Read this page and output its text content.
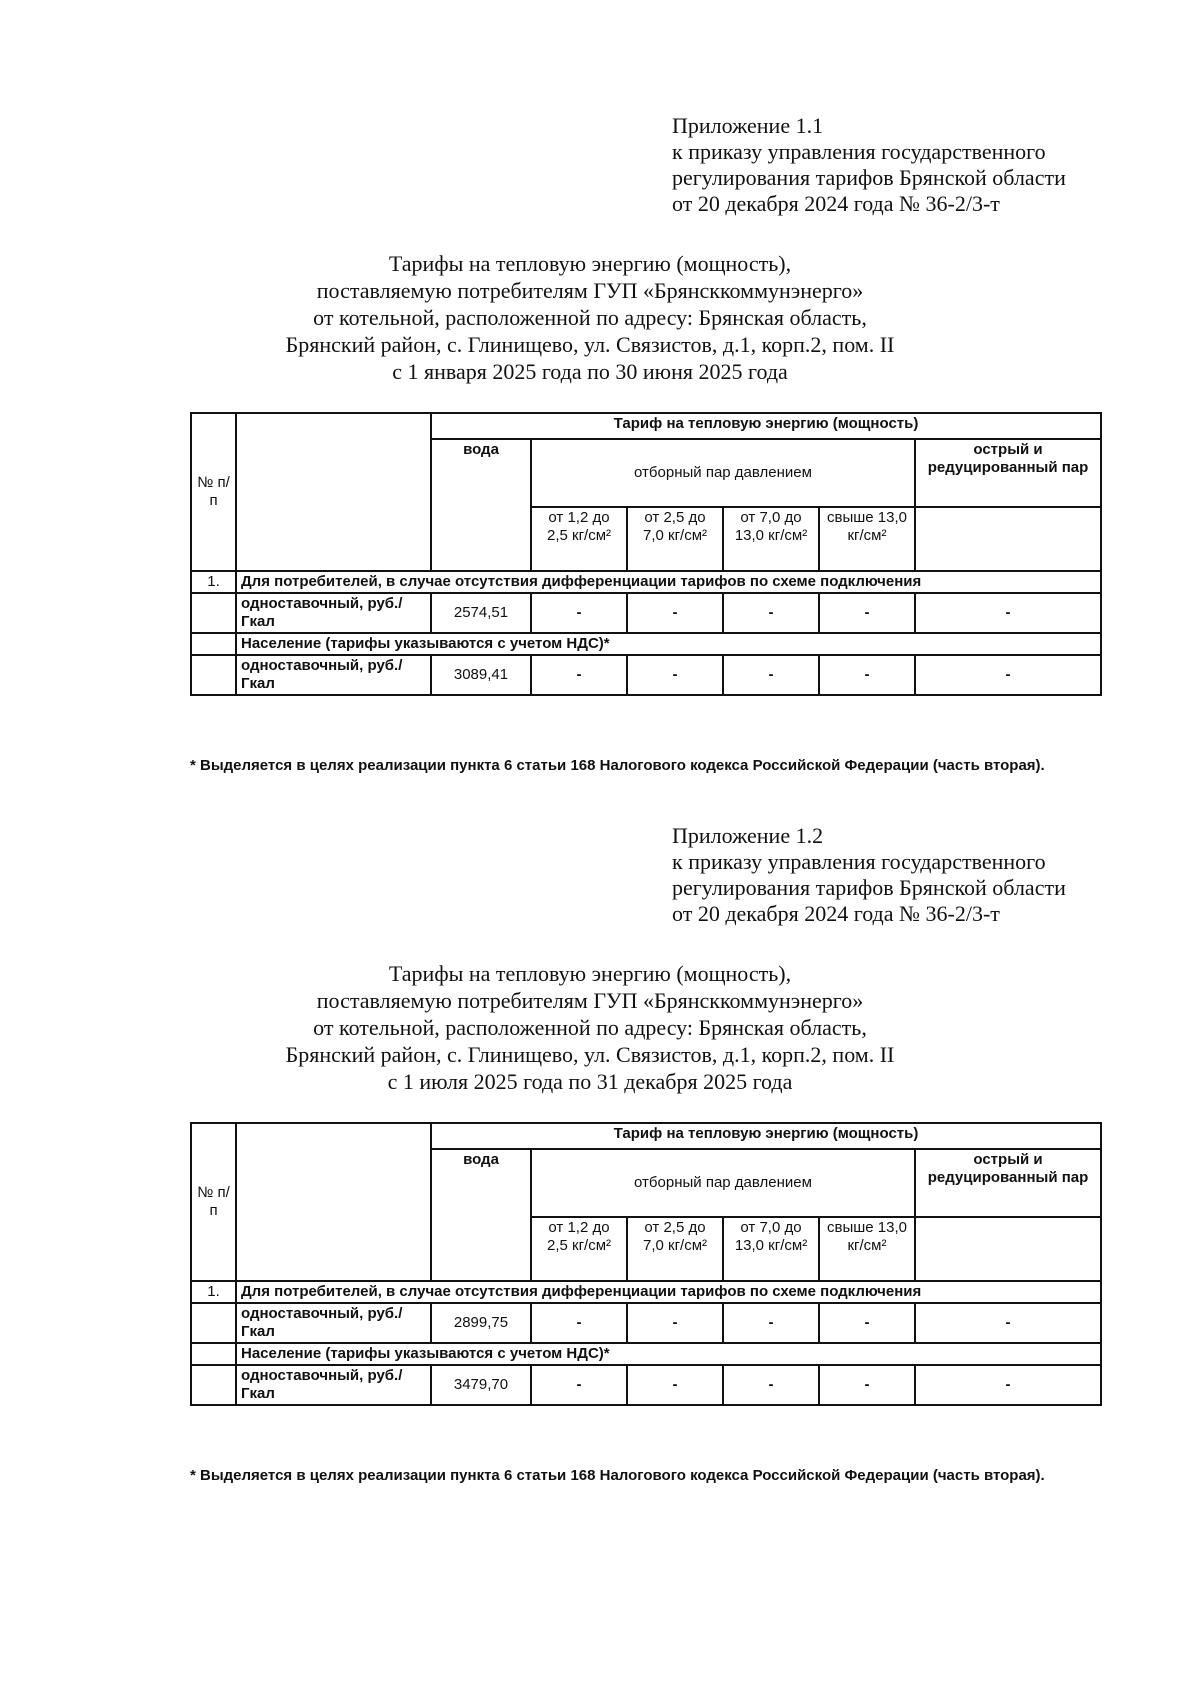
Приложение 1.1
к приказу управления государственного
регулирования тарифов Брянской области
от 20 декабря 2024 года № 36-2/3-т
Тарифы на тепловую энергию (мощность),
поставляемую потребителям ГУП «Брянсккоммунэнерго»
от котельной, расположенной по адресу: Брянская область,
Брянский район, с. Глинищево, ул. Связистов, д.1, корп.2, пом. II
с 1 января 2025 года по 30 июня 2025 года
№ п/п		Тариф на тепловую энергию (мощность)					
		вода	отборный пар давлением				острый и редуцированный пар
			от 1,2 до 2,5 кг/см²	от 2,5 до 7,0 кг/см²	от 7,0 до 13,0 кг/см²	свыше 13,0 кг/см²	
1.	Для потребителей, в случае отсутствия дифференциации тарифов по схеме подключения						
	одноставочный, руб./Гкал	2574,51	-	-	-	-	-
	Население (тарифы указываются с учетом НДС)*						
	одноставочный, руб./Гкал	3089,41	-	-	-	-	-
* Выделяется в целях реализации пункта 6 статьи 168 Налогового кодекса Российской Федерации (часть вторая).
Приложение 1.2
к приказу управления государственного
регулирования тарифов Брянской области
от 20 декабря 2024 года № 36-2/3-т
Тарифы на тепловую энергию (мощность),
поставляемую потребителям ГУП «Брянсккоммунэнерго»
от котельной, расположенной по адресу: Брянская область,
Брянский район, с. Глинищево, ул. Связистов, д.1, корп.2, пом. II
с 1 июля 2025 года по 31 декабря 2025 года
№ п/п		Тариф на тепловую энергию (мощность)					
		вода	отборный пар давлением				острый и редуцированный пар
			от 1,2 до 2,5 кг/см²	от 2,5 до 7,0 кг/см²	от 7,0 до 13,0 кг/см²	свыше 13,0 кг/см²	
1.	Для потребителей, в случае отсутствия дифференциации тарифов по схеме подключения						
	одноставочный, руб./Гкал	2899,75	-	-	-	-	-
	Население (тарифы указываются с учетом НДС)*						
	одноставочный, руб./Гкал	3479,70	-	-	-	-	-
* Выделяется в целях реализации пункта 6 статьи 168 Налогового кодекса Российской Федерации (часть вторая).
